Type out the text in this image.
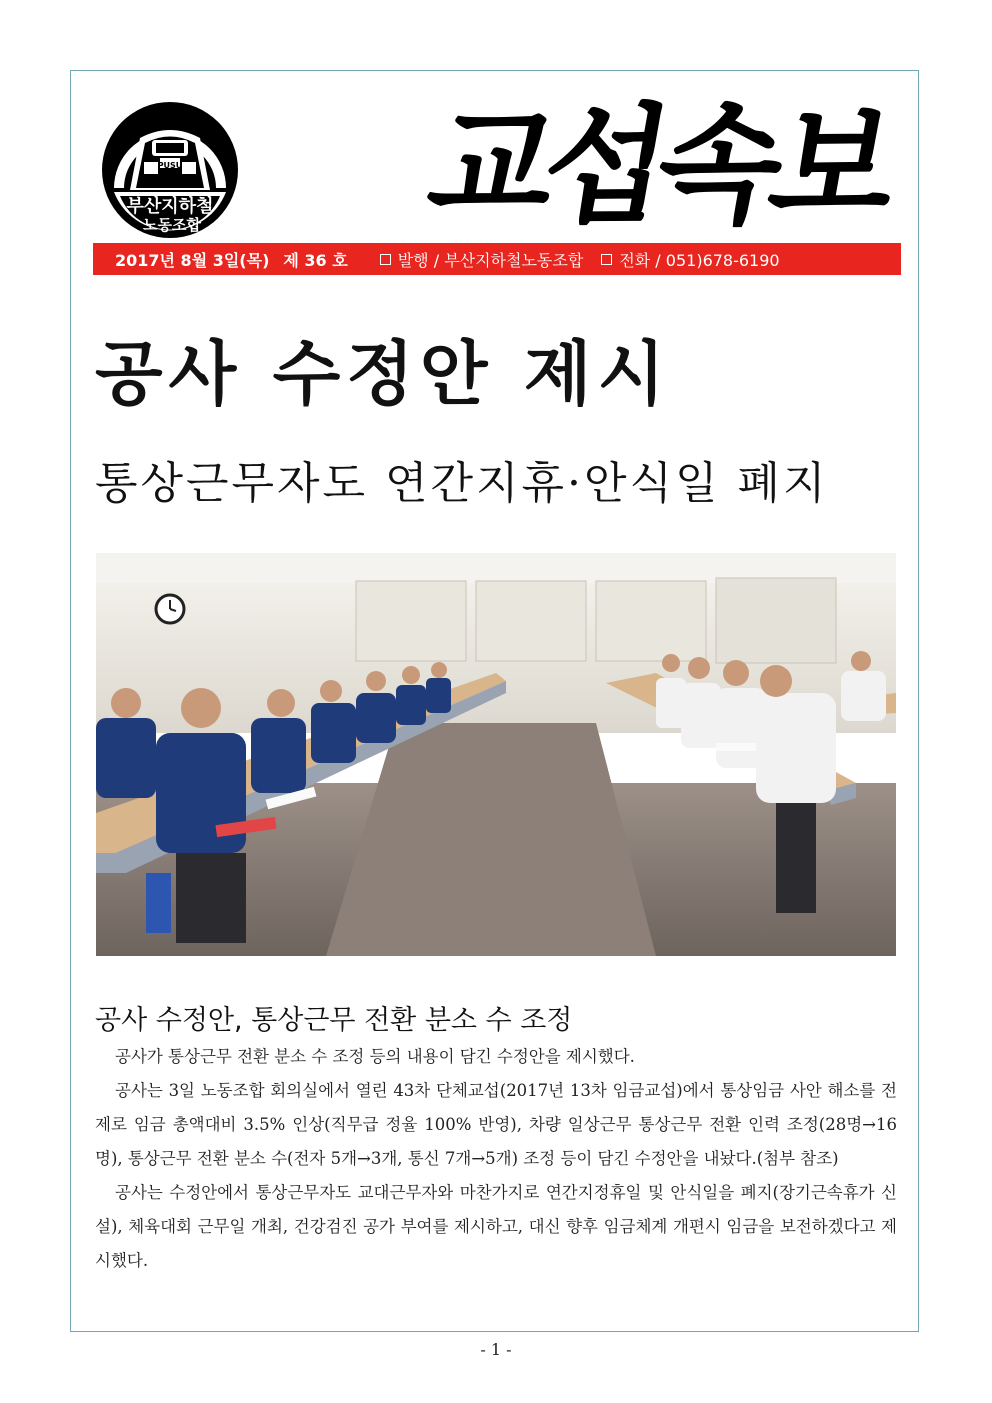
PUSU
부산지하철
노동조합 교섭속보
2017년 8월 3일(목) 제 36 호	발행 / 부산지하철노동조합 전화 / 051)678-6190
공사 수정안 제시
통상근무자도 연간지휴·안식일 폐지
공사 수정안, 통상근무 전환 분소 수 조정

공사가 통상근무 전환 분소 수 조정 등의 내용이 담긴 수정안을 제시했다.

공사는 3일 노동조합 회의실에서 열린 43차 단체교섭(2017년 13차 임금교섭)에서 통상임금 사안 해소를 전제로 임금 총액대비 3.5% 인상(직무급 정율 100% 반영), 차량 일상근무 통상근무 전환 인력 조정(28명→16명), 통상근무 전환 분소 수(전자 5개→3개, 통신 7개→5개) 조정 등이 담긴 수정안을 내놨다.(첨부 참조)

공사는 수정안에서 통상근무자도 교대근무자와 마찬가지로 연간지정휴일 및 안식일을 폐지(장기근속휴가 신설), 체육대회 근무일 개최, 건강검진 공가 부여를 제시하고, 대신 향후 임금체계 개편시 임금을 보전하겠다고 제시했다.

- 1 -
